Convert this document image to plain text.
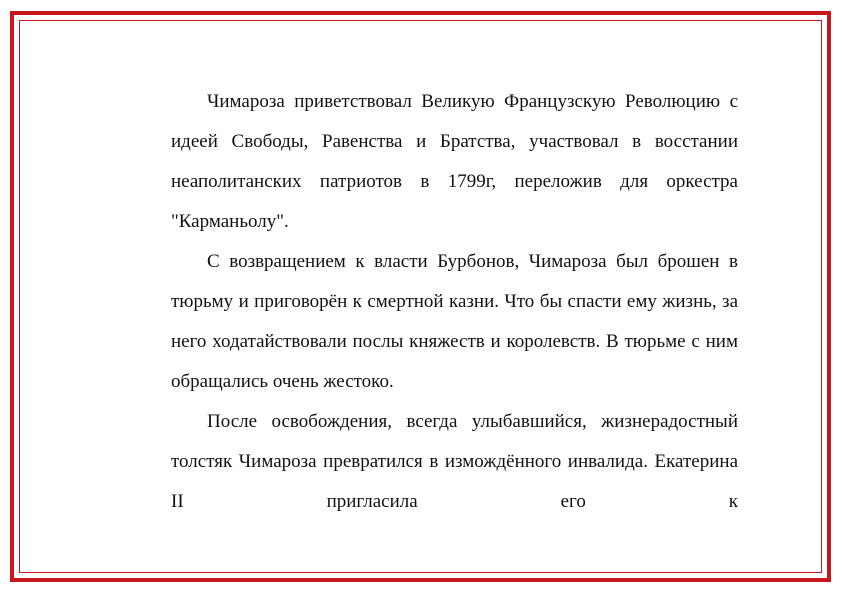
Чимароза приветствовал Великую Французскую Революцию с идеей Свободы, Равенства и Братства, участвовал в восстании неаполитанских патриотов в 1799г, переложив для оркестра "Карманьолу".

С возвращением к власти Бурбонов, Чимароза был брошен в тюрьму и приговорён к смертной казни. Что бы спасти ему жизнь, за него ходатайствовали послы княжеств и королевств. В тюрьме с ним обращались очень жестоко.

После освобождения, всегда улыбавшийся, жизнерадостный толстяк Чимароза превратился в измождённого инвалида. Екатерина II пригласила его к
